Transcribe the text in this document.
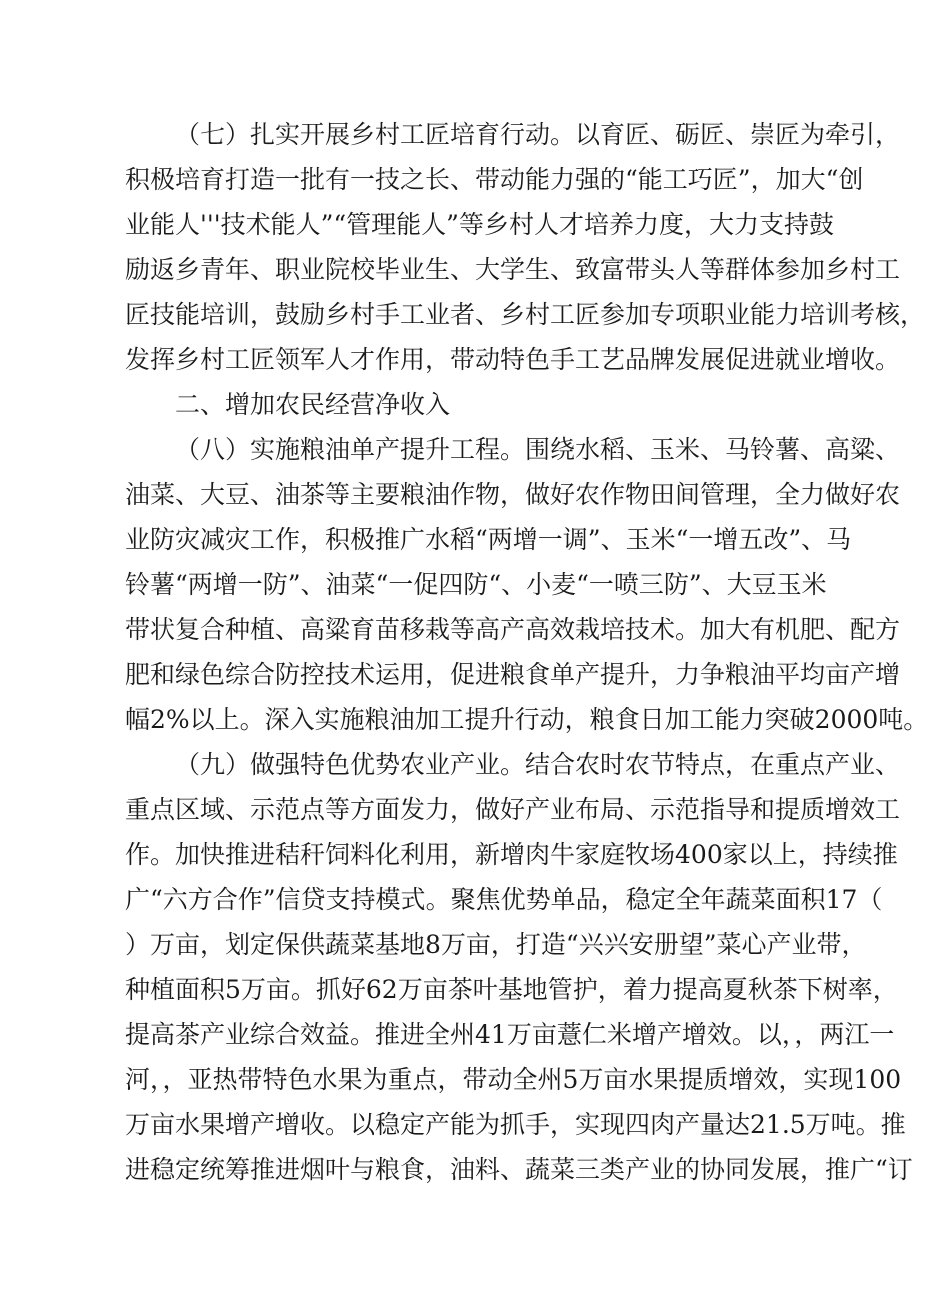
（七）扎实开展乡村工匠培育行动。以育匠、砺匠、崇匠为牵引，
积极培育打造一批有一技之长、带动能力强的“能工巧匠”，加大“创
业能人'''技术能人”“管理能人”等乡村人才培养力度，大力支持鼓
励返乡青年、职业院校毕业生、大学生、致富带头人等群体参加乡村工
匠技能培训，鼓励乡村手工业者、乡村工匠参加专项职业能力培训考核，
发挥乡村工匠领军人才作用，带动特色手工艺品牌发展促进就业增收。
二、增加农民经营净收入
（八）实施粮油单产提升工程。围绕水稻、玉米、马铃薯、高粱、
油菜、大豆、油茶等主要粮油作物，做好农作物田间管理，全力做好农
业防灾减灾工作，积极推广水稻“两增一调”、玉米“一增五改”、马
铃薯“两增一防”、油菜“一促四防“、小麦“一喷三防”、大豆玉米
带状复合种植、高粱育苗移栽等高产高效栽培技术。加大有机肥、配方
肥和绿色综合防控技术运用，促进粮食单产提升，力争粮油平均亩产增
幅2%以上。深入实施粮油加工提升行动，粮食日加工能力突破2000吨。
（九）做强特色优势农业产业。结合农时农节特点，在重点产业、
重点区域、示范点等方面发力，做好产业布局、示范指导和提质增效工
作。加快推进秸秆饲料化利用，新增肉牛家庭牧场400家以上，持续推
广“六方合作”信贷支持模式。聚焦优势单品，稳定全年蔬菜面积17（
）万亩，划定保供蔬菜基地8万亩，打造“兴兴安册望”菜心产业带，
种植面积5万亩。抓好62万亩茶叶基地管护，着力提高夏秋茶下树率，
提高茶产业综合效益。推进全州41万亩薏仁米增产增效。以，，两江一
河，，亚热带特色水果为重点，带动全州5万亩水果提质增效，实现100
万亩水果增产增收。以稳定产能为抓手，实现四肉产量达21.5万吨。推
进稳定统筹推进烟叶与粮食，油料、蔬菜三类产业的协同发展，推广“订
